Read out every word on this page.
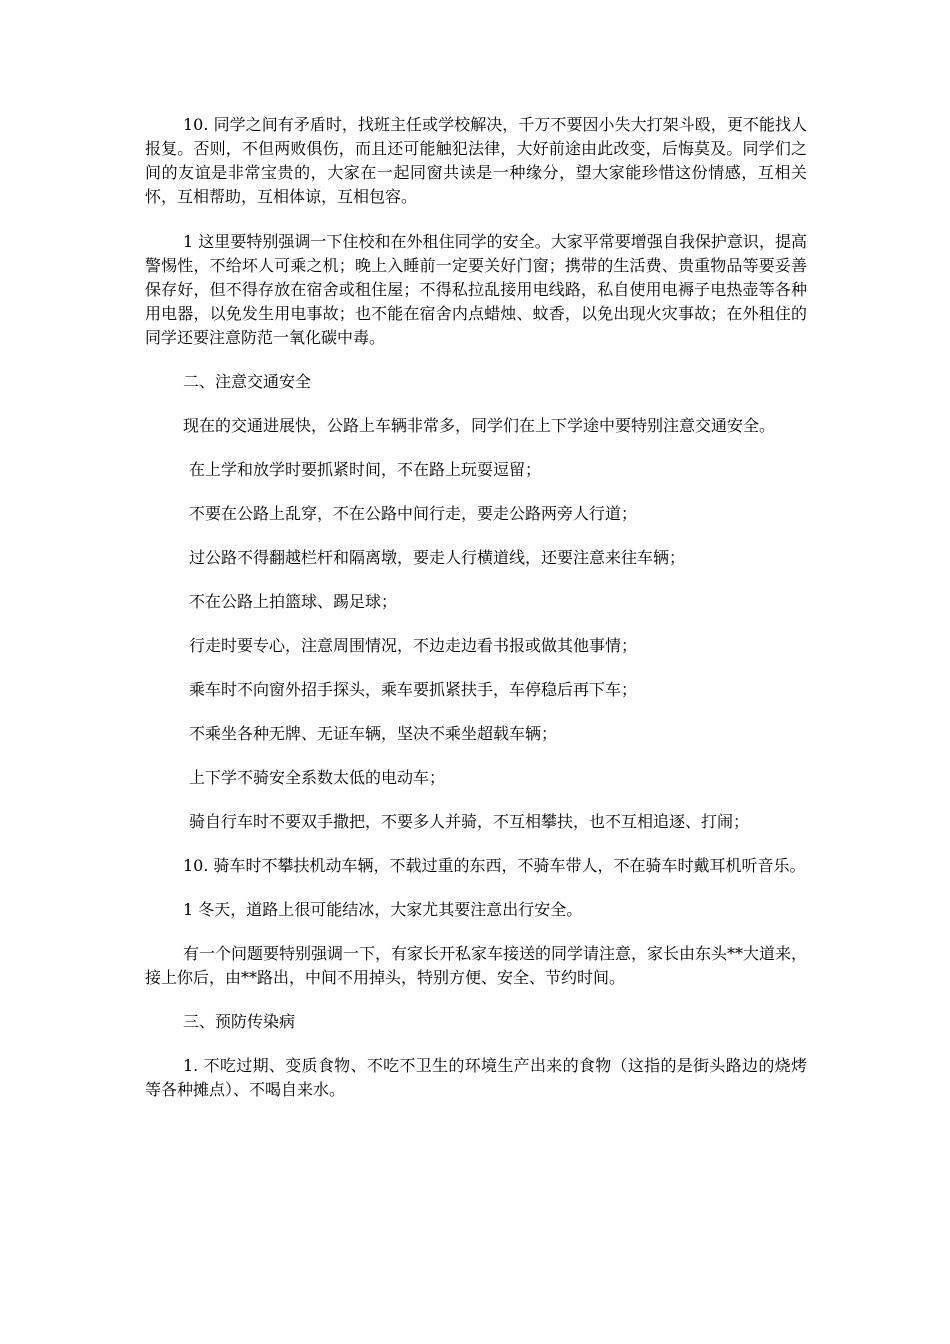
10. 同学之间有矛盾时，找班主任或学校解决，千万不要因小失大打架斗殴，更不能找人报复。否则，不但两败俱伤，而且还可能触犯法律，大好前途由此改变，后悔莫及。同学们之间的友谊是非常宝贵的，大家在一起同窗共读是一种缘分，望大家能珍惜这份情感，互相关怀，互相帮助，互相体谅，互相包容。

1 这里要特别强调一下住校和在外租住同学的安全。大家平常要增强自我保护意识，提高警惕性，不给坏人可乘之机；晚上入睡前一定要关好门窗；携带的生活费、贵重物品等要妥善保存好，但不得存放在宿舍或租住屋；不得私拉乱接用电线路，私自使用电褥子电热壶等各种用电器，以免发生用电事故；也不能在宿舍内点蜡烛、蚊香，以免出现火灾事故；在外租住的同学还要注意防范一氧化碳中毒。

二、注意交通安全

现在的交通进展快，公路上车辆非常多，同学们在上下学途中要特别注意交通安全。

在上学和放学时要抓紧时间，不在路上玩耍逗留；

不要在公路上乱穿，不在公路中间行走，要走公路两旁人行道；

过公路不得翻越栏杆和隔离墩，要走人行横道线，还要注意来往车辆；

不在公路上拍篮球、踢足球；

行走时要专心，注意周围情况，不边走边看书报或做其他事情；

乘车时不向窗外招手探头，乘车要抓紧扶手，车停稳后再下车；

不乘坐各种无牌、无证车辆，坚决不乘坐超载车辆；

上下学不骑安全系数太低的电动车；

骑自行车时不要双手撒把，不要多人并骑，不互相攀扶，也不互相追逐、打闹；

10. 骑车时不攀扶机动车辆，不载过重的东西，不骑车带人，不在骑车时戴耳机听音乐。

1 冬天，道路上很可能结冰，大家尤其要注意出行安全。

有一个问题要特别强调一下，有家长开私家车接送的同学请注意，家长由东头**大道来，接上你后，由**路出，中间不用掉头，特别方便、安全、节约时间。

三、预防传染病

1. 不吃过期、变质食物、不吃不卫生的环境生产出来的食物（这指的是街头路边的烧烤等各种摊点）、不喝自来水。
